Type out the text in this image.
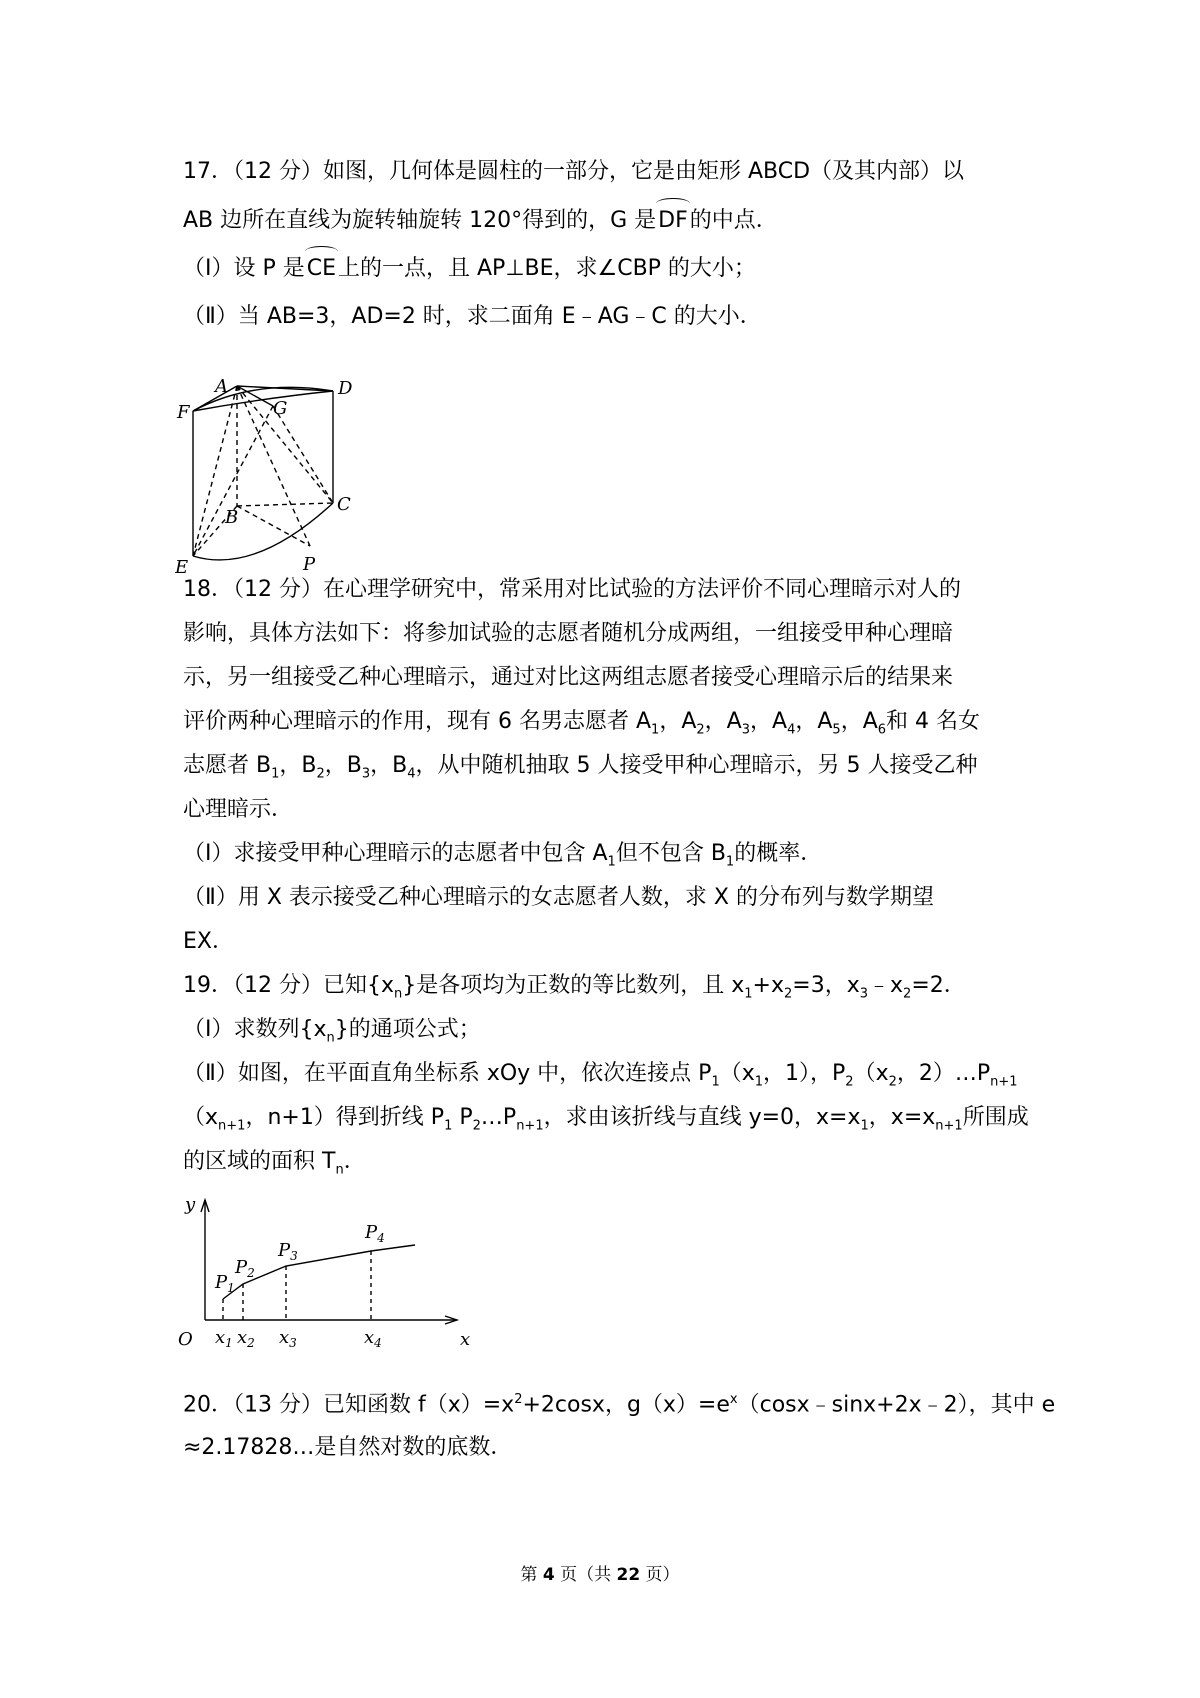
17．（12 分）如图，几何体是圆柱的一部分，它是由矩形 ABCD（及其内部）以
AB 边所在直线为旋转轴旋转 120°得到的，G 是DF的中点．
（Ⅰ）设 P 是CE上的一点，且 AP⊥BE，求∠CBP 的大小；
（Ⅱ）当 AB=3，AD=2 时，求二面角 E﹣AG﹣C 的大小．
A	D
F	G
B
C
E	P
18．（12 分）在心理学研究中，常采用对比试验的方法评价不同心理暗示对人的
影响，具体方法如下：将参加试验的志愿者随机分成两组，一组接受甲种心理暗
示，另一组接受乙种心理暗示，通过对比这两组志愿者接受心理暗示后的结果来
评价两种心理暗示的作用，现有 6 名男志愿者 $A_1$，$A_2$，$A_3$，$A_4$，$A_5$，$A_6$和 4 名女
志愿者 $B_1$，$B_2$，$B_3$，$B_4$，从中随机抽取 5 人接受甲种心理暗示，另 5 人接受乙种
心理暗示．
（Ⅰ）求接受甲种心理暗示的志愿者中包含 $A_1$但不包含 $B_1$的概率．
（Ⅱ）用 X 表示接受乙种心理暗示的女志愿者人数，求 X 的分布列与数学期望
EX．
19．（12 分）已知$\{x_n\}$是各项均为正数的等比数列，且 $x_1+x_2=3$，$x_3﹣x_2=2$．
（Ⅰ）求数列$\{x_n\}$的通项公式；
（Ⅱ）如图，在平面直角坐标系 xOy 中，依次连接点 $P_1(x_1$，1），$P_2(x_2$，$2)\dots P_{n+1}$
（$x_{n+1}$，n+1）得到折线 $P_1$ $P_2\dots P_{n+1}$，求由该折线与直线 y=0，$x=x_1$，$x=x_{n+1}$所围成
的区域的面积 $T_n$．
y
x
O
$P_1$
$P_2$
$P_3$
$P_4$
$x_1$ $x_2$ $x_3$	$x_4$
20．（13 分）已知函数 $f(x)=x^2+2\cos x$，$g(x)=e^x(\cos x﹣\sin x+2x﹣2)$，其中 e
≈2.17828…是自然对数的底数．
第 4 页（共 22 页）
